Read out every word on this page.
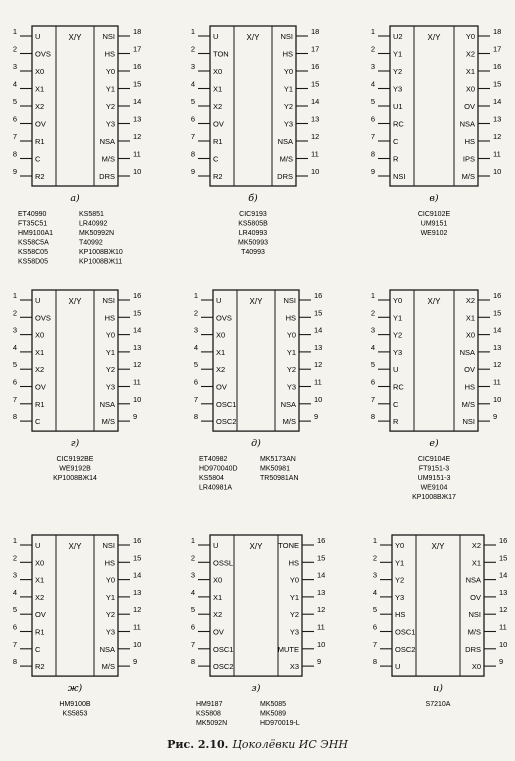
X/Y
1
U
2
OVS
3
X0
4
X1
5
X2
6
OV
7
R1
8
C
9
R2
18
NSI
17
HS
16
Y0
15
Y1
14
Y2
13
Y3
12
NSA
11
M/S
10
DRS
а)
ET40990
FT35C51
HM9100A1
KS58C5A
KS58C05
KS58D05
KS5851
LR40992
MK50992N
T40992
KP1008BЖ10
KP1008BЖ11
X/Y
1
U
2
TON
3
X0
4
X1
5
X2
6
OV
7
R1
8
C
9
R2
18
NSI
17
HS
16
Y0
15
Y1
14
Y2
13
Y3
12
NSA
11
M/S
10
DRS
б)
CIC9193
KS5805B
LR40993
MK50993
T40993
X/Y
1
U2
2
Y1
3
Y2
4
Y3
5
U1
6
RC
7
C
8
R
9
NSI
18
Y0
17
X2
16
X1
15
X0
14
OV
13
NSA
12
HS
11
IPS
10
M/S
в)
CIC9102E
UM9151
WE9102
X/Y
1
U
2
OVS
3
X0
4
X1
5
X2
6
OV
7
R1
8
C
16
NSI
15
HS
14
Y0
13
Y1
12
Y2
11
Y3
10
NSA
9
M/S
г)
CIC9192BE
WE9192B
KP1008BЖ14
X/Y
1
U
2
OVS
3
X0
4
X1
5
X2
6
OV
7
OSC1
8
OSC2
16
NSI
15
HS
14
Y0
13
Y1
12
Y2
11
Y3
10
NSA
9
M/S
д)
ET40982
HD970040D
KS5804
LR40981A
MK5173AN
MK50981
TR50981AN
X/Y
1
Y0
2
Y1
3
Y2
4
Y3
5
U
6
RC
7
C
8
R
16
X2
15
X1
14
X0
13
NSA
12
OV
11
HS
10
M/S
9
NSI
е)
CIC9104E
FT9151-3
UM9151-3
WE9104
KP1008BЖ17
X/Y
1
U
2
X0
3
X1
4
X2
5
OV
6
R1
7
C
8
R2
16
NSI
15
HS
14
Y0
13
Y1
12
Y2
11
Y3
10
NSA
9
M/S
ж)
HM9100B
KS5853
X/Y
1
U
2
OSSL
3
X0
4
X1
5
X2
6
OV
7
OSC1
8
OSC2
16
TONE
15
HS
14
Y0
13
Y1
12
Y2
11
Y3
10
MUTE
9
X3
з)
HM9187
KS5808
MK5092N
MK5085
MK5089
HD970019-L
X/Y
1
Y0
2
Y1
3
Y2
4
Y3
5
HS
6
OSC1
7
OSC2
8
U
16
X2
15
X1
14
NSA
13
OV
12
NSI
11
M/S
10
DRS
9
X0
и)
S7210A
Рис. 2.10. Цоколёвки ИС ЭНН
